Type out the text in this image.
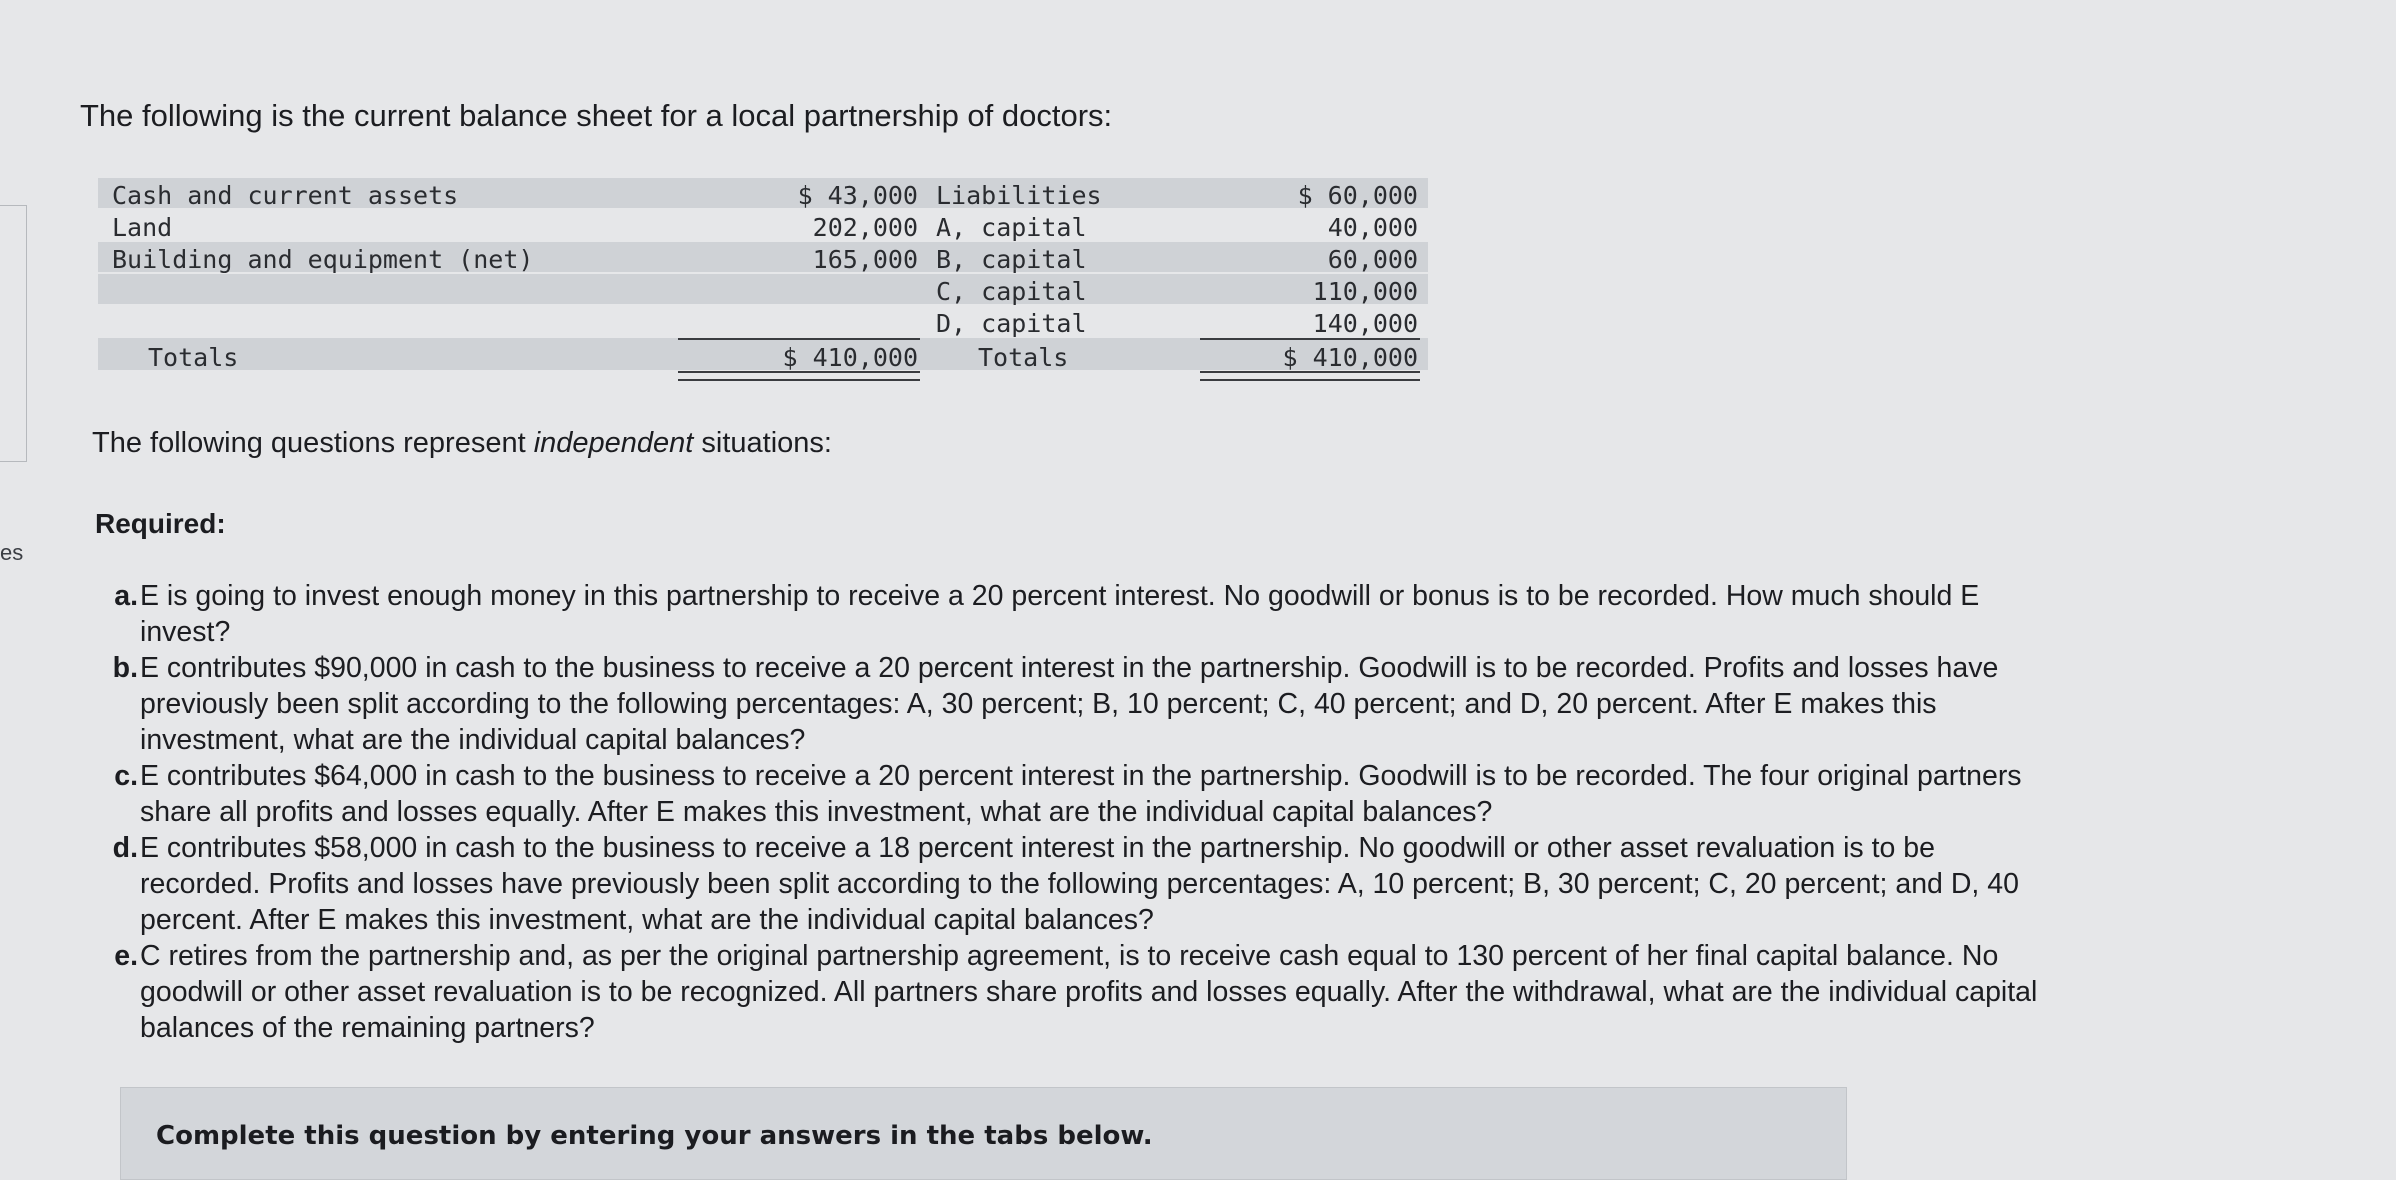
es
The following is the current balance sheet for a local partnership of doctors:
Cash and current assets
Land
Building and equipment (net)
$ 43,000
202,000
165,000
Liabilities
A, capital
B, capital
C, capital
D, capital
$ 60,000
40,000
60,000
110,000
140,000
Totals	$ 410,000 Totals	$ 410,000
The following questions represent independent situations:
Required:
a. E is going to invest enough money in this partnership to receive a 20 percent interest. No goodwill or bonus is to be recorded. How much should E invest?
b. E contributes $90,000 in cash to the business to receive a 20 percent interest in the partnership. Goodwill is to be recorded. Profits and losses have previously been split according to the following percentages: A, 30 percent; B, 10 percent; C, 40 percent; and D, 20 percent. After E makes this investment, what are the individual capital balances?
c. E contributes $64,000 in cash to the business to receive a 20 percent interest in the partnership. Goodwill is to be recorded. The four original partners share all profits and losses equally. After E makes this investment, what are the individual capital balances?
d. E contributes $58,000 in cash to the business to receive a 18 percent interest in the partnership. No goodwill or other asset revaluation is to be recorded. Profits and losses have previously been split according to the following percentages: A, 10 percent; B, 30 percent; C, 20 percent; and D, 40 percent. After E makes this investment, what are the individual capital balances?
e. C retires from the partnership and, as per the original partnership agreement, is to receive cash equal to 130 percent of her final capital balance. No goodwill or other asset revaluation is to be recognized. All partners share profits and losses equally. After the withdrawal, what are the individual capital balances of the remaining partners?
Complete this question by entering your answers in the tabs below.
